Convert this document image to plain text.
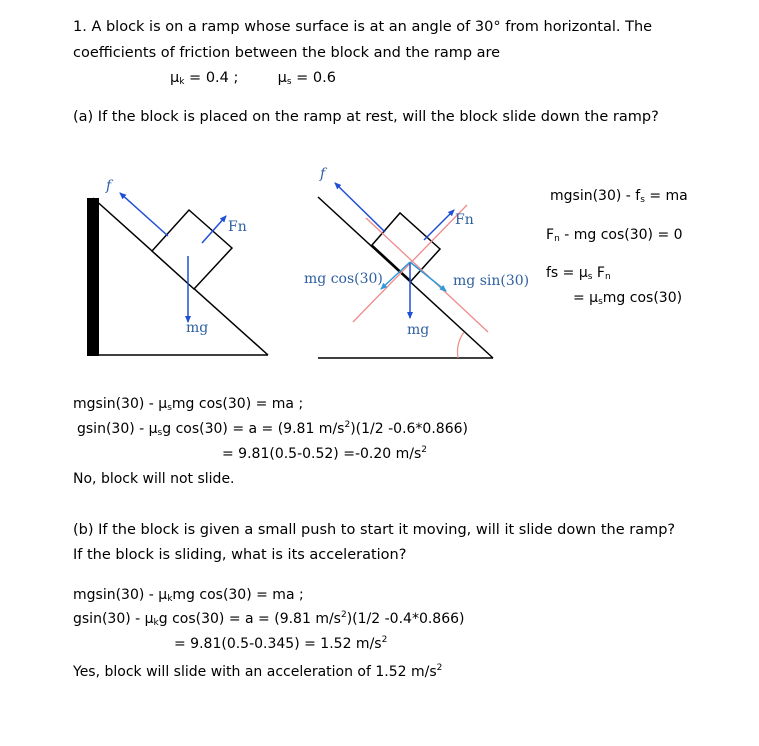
1. A block is on a ramp whose surface is at an angle of 30° from horizontal. The
coefficients of friction between the block and the ramp are
$\mu_k = 0.4$ ;	$\mu_s = 0.6$
(a) If the block is placed on the ramp at rest, will the block slide down the ramp?
f
Fn
mg
f
Fn
mg
mg cos(30)	mg sin(30)
$mgsin(30) - f_s$ = ma
$F_n$ - mg cos(30) = 0
fs = $\mu_s$ $F_n$
= $\mu_smg$ cos(30)
$mgsin(30) - \mu_smg$ cos(30) = ma ;
$gsin(30) - \mu_sg$ cos(30) = a = (9.81 $m/s^2)(1/2$ -0.6*0.866)
= 9.81(0.5-0.52) =-0.20 $m/s^2$
No, block will not slide.
(b) If the block is given a small push to start it moving, will it slide down the ramp?
If the block is sliding, what is its acceleration?
$mgsin(30) - \mu_kmg$ cos(30) = ma ;
$gsin(30) - \mu_kg$ cos(30) = a = (9.81 $m/s^2)(1/2$ -0.4*0.866)
= 9.81(0.5-0.345) = 1.52 $m/s^2$
Yes, block will slide with an acceleration of 1.52 $m/s^2$
